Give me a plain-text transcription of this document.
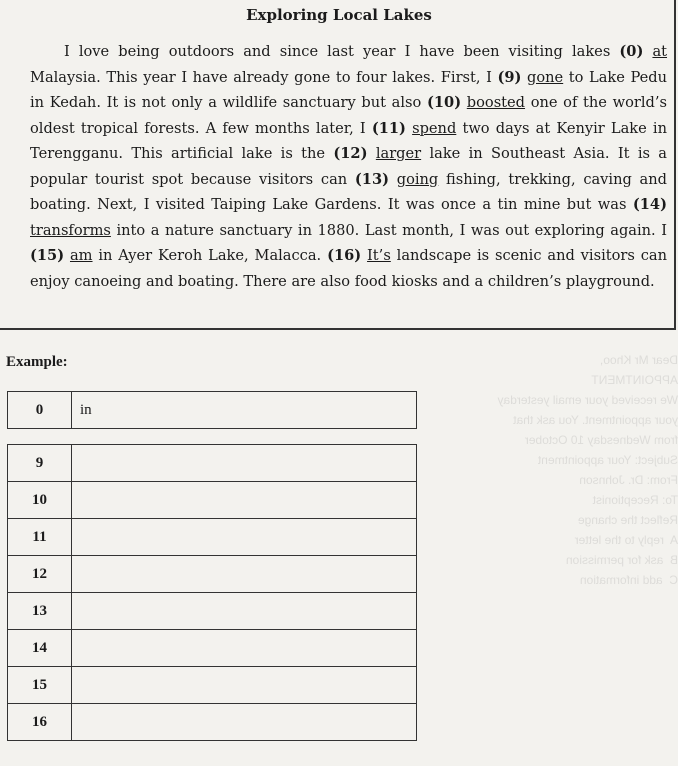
Dear Mr Khoo,
APPOINTMENT
We received your email yesterday
your appointment. You ask that
from Wednesday 10 October
Subject: Your appointment
From: Dr. Johnson
To: Receptionist
Reflect the change
A  reply to the letter
B  ask for permission
C  add information

Exploring Local Lakes

I love being outdoors and since last year I have been visiting lakes (0) at Malaysia. This year I have already gone to four lakes. First, I (9) gone to Lake Pedu in Kedah. It is not only a wildlife sanctuary but also (10) boosted one of the world’s oldest tropical forests. A few months later, I (11) spend two days at Kenyir Lake in Terengganu. This artificial lake is the (12) larger lake in Southeast Asia. It is a popular tourist spot because visitors can (13) going fishing, trekking, caving and boating. Next, I visited Taiping Lake Gardens. It was once a tin mine but was (14) transforms into a nature sanctuary in 1880. Last month, I was out exploring again. I (15) am in Ayer Keroh Lake, Malacca. (16) It’s landscape is scenic and visitors can enjoy canoeing and boating. There are also food kiosks and a children’s playground.

Example:
0	in
9	
10	
11	
12	
13	
14	
15	
16	
